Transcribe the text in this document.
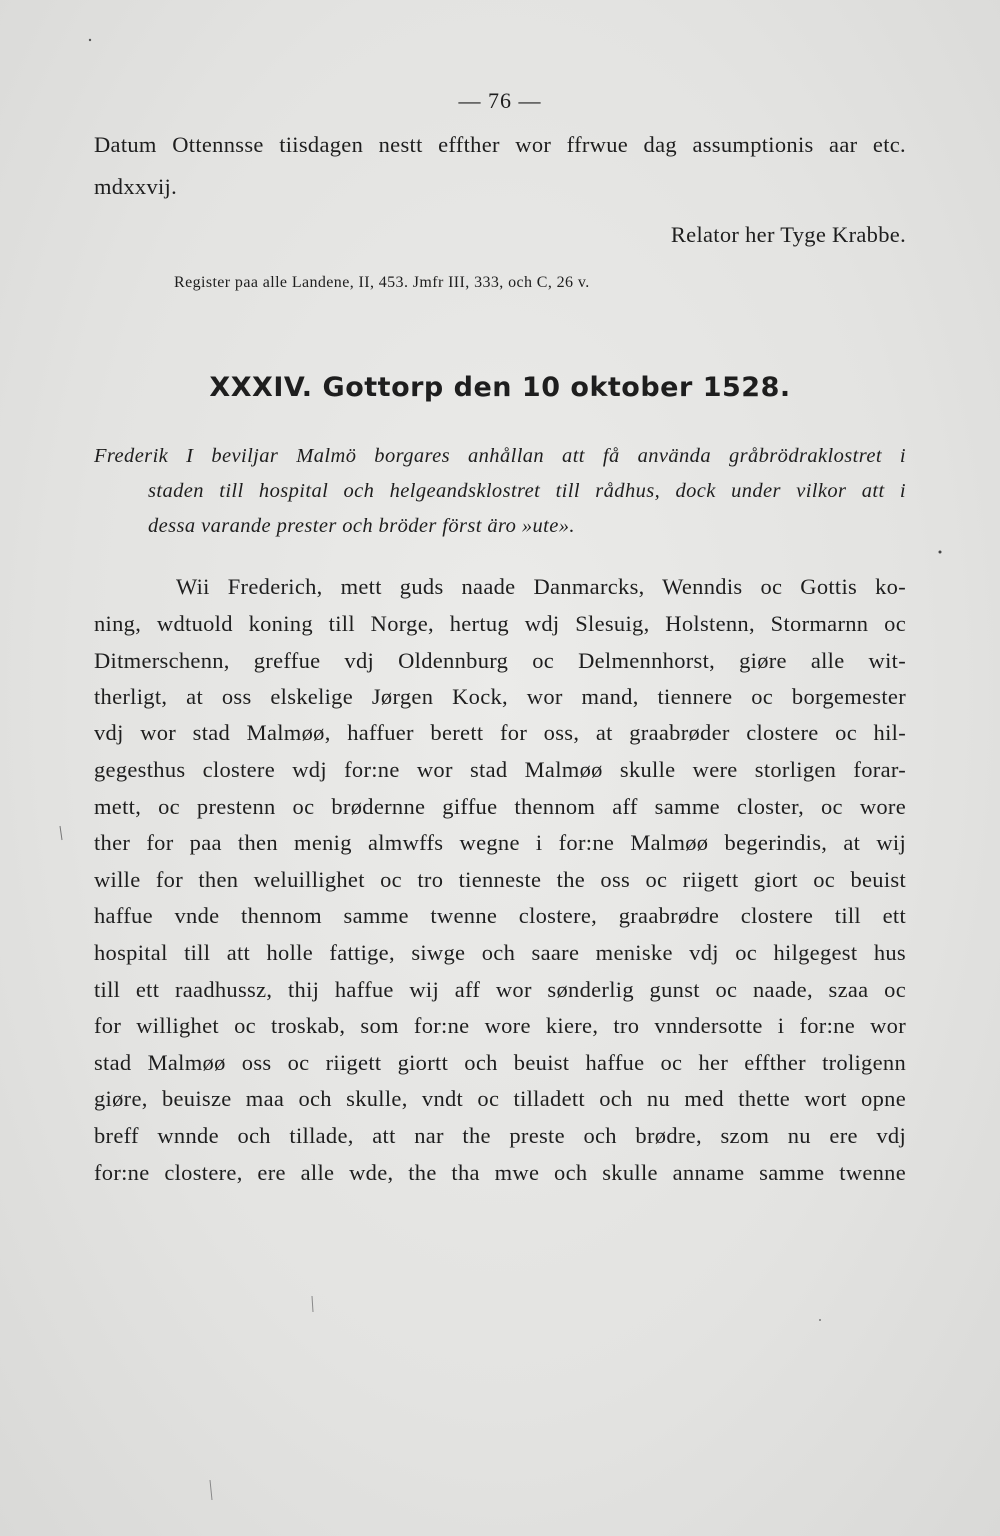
— 76 —
Datum Ottennsse tiisdagen nestt effther wor ffrwue dag assumptionis aar etc.
mdxxvij.
Relator her Tyge Krabbe.
Register paa alle Landene, II, 453. Jmfr III, 333, och C, 26 v.
XXXIV. Gottorp den 10 oktober 1528.
Frederik I beviljar Malmö borgares anhållan att få använda gråbrödraklostret i
staden till hospital och helgeandsklostret till rådhus, dock under vilkor att i
dessa varande prester och bröder först äro »ute».
Wii Frederich, mett guds naade Danmarcks, Wenndis oc Gottis ko-
ning, wdtuold koning till Norge, hertug wdj Slesuig, Holstenn, Stormarnn oc
Ditmerschenn, greffue vdj Oldennburg oc Delmennhorst, giøre alle wit-
therligt, at oss elskelige Jørgen Kock, wor mand, tiennere oc borgemester
vdj wor stad Malmøø, haffuer berett for oss, at graabrøder clostere oc hil-
gegesthus clostere wdj for:ne wor stad Malmøø skulle were storligen forar-
mett, oc prestenn oc brødernne giffue thennom aff samme closter, oc wore
ther for paa then menig almwffs wegne i for:ne Malmøø begerindis, at wij
wille for then weluillighet oc tro tienneste the oss oc riigett giort oc beuist
haffue vnde thennom samme twenne clostere, graabrødre clostere till ett
hospital till att holle fattige, siwge och saare meniske vdj oc hilgegest hus
till ett raadhussz, thij haffue wij aff wor sønderlig gunst oc naade, szaa oc
for willighet oc troskab, som for:ne wore kiere, tro vnndersotte i for:ne wor
stad Malmøø oss oc riigett giortt och beuist haffue oc her effther troligenn
giøre, beuisze maa och skulle, vndt oc tilladett och nu med thette wort opne
breff wnnde och tillade, att nar the preste och brødre, szom nu ere vdj
for:ne clostere, ere alle wde, the tha mwe och skulle anname samme twenne
